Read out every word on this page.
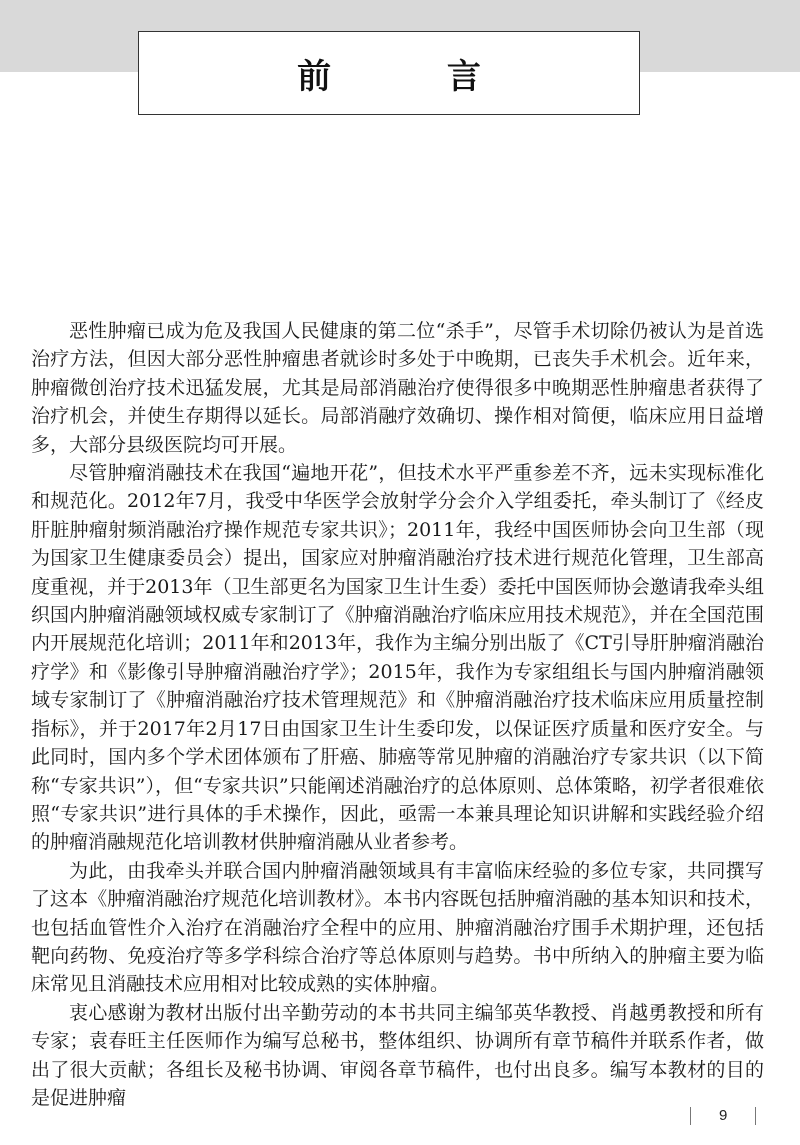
前 言

恶性肿瘤已成为危及我国人民健康的第二位“杀手”，尽管手术切除仍被认为是首选治疗方法，但因大部分恶性肿瘤患者就诊时多处于中晚期，已丧失手术机会。近年来，肿瘤微创治疗技术迅猛发展，尤其是局部消融治疗使得很多中晚期恶性肿瘤患者获得了治疗机会，并使生存期得以延长。局部消融疗效确切、操作相对简便，临床应用日益增多，大部分县级医院均可开展。

尽管肿瘤消融技术在我国“遍地开花”，但技术水平严重参差不齐，远未实现标准化和规范化。2012年7月，我受中华医学会放射学分会介入学组委托，牵头制订了《经皮肝脏肿瘤射频消融治疗操作规范专家共识》；2011年，我经中国医师协会向卫生部（现为国家卫生健康委员会）提出，国家应对肿瘤消融治疗技术进行规范化管理，卫生部高度重视，并于2013年（卫生部更名为国家卫生计生委）委托中国医师协会邀请我牵头组织国内肿瘤消融领域权威专家制订了《肿瘤消融治疗临床应用技术规范》，并在全国范围内开展规范化培训；2011年和2013年，我作为主编分别出版了《CT引导肝肿瘤消融治疗学》和《影像引导肿瘤消融治疗学》；2015年，我作为专家组组长与国内肿瘤消融领域专家制订了《肿瘤消融治疗技术管理规范》和《肿瘤消融治疗技术临床应用质量控制指标》，并于2017年2月17日由国家卫生计生委印发，以保证医疗质量和医疗安全。与此同时，国内多个学术团体颁布了肝癌、肺癌等常见肿瘤的消融治疗专家共识（以下简称“专家共识”），但“专家共识”只能阐述消融治疗的总体原则、总体策略，初学者很难依照“专家共识”进行具体的手术操作，因此，亟需一本兼具理论知识讲解和实践经验介绍的肿瘤消融规范化培训教材供肿瘤消融从业者参考。

为此，由我牵头并联合国内肿瘤消融领域具有丰富临床经验的多位专家，共同撰写了这本《肿瘤消融治疗规范化培训教材》。本书内容既包括肿瘤消融的基本知识和技术，也包括血管性介入治疗在消融治疗全程中的应用、肿瘤消融治疗围手术期护理，还包括靶向药物、免疫治疗等多学科综合治疗等总体原则与趋势。书中所纳入的肿瘤主要为临床常见且消融技术应用相对比较成熟的实体肿瘤。

衷心感谢为教材出版付出辛勤劳动的本书共同主编邹英华教授、肖越勇教授和所有专家；袁春旺主任医师作为编写总秘书，整体组织、协调所有章节稿件并联系作者，做出了很大贡献；各组长及秘书协调、审阅各章节稿件，也付出良多。编写本教材的目的是促进肿瘤

9
